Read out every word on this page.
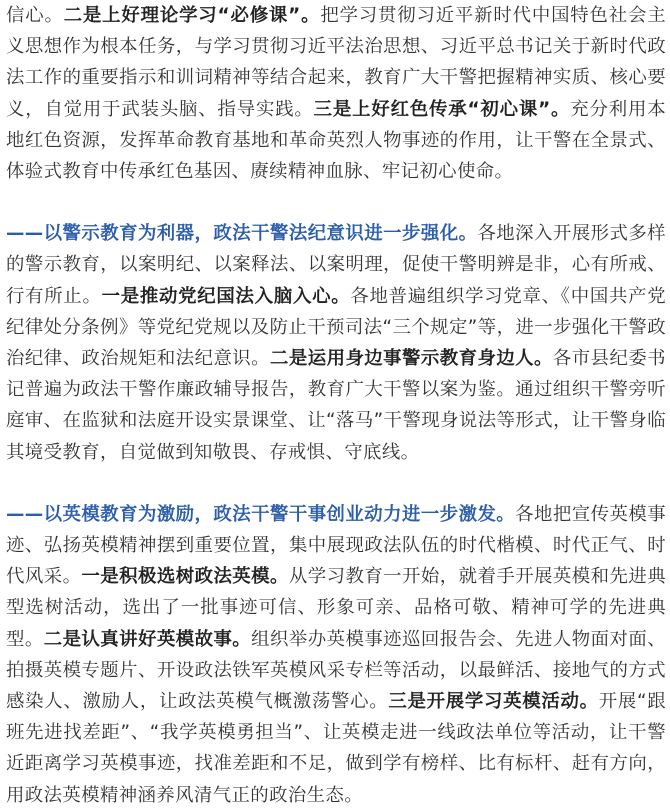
信心。二是上好理论学习“必修课”。把学习贯彻习近平新时代中国特色社会主义思想作为根本任务，与学习贯彻习近平法治思想、习近平总书记关于新时代政法工作的重要指示和训词精神等结合起来，教育广大干警把握精神实质、核心要义，自觉用于武装头脑、指导实践。三是上好红色传承“初心课”。充分利用本地红色资源，发挥革命教育基地和革命英烈人物事迹的作用，让干警在全景式、体验式教育中传承红色基因、赓续精神血脉、牢记初心使命。

——以警示教育为利器，政法干警法纪意识进一步强化。各地深入开展形式多样的警示教育，以案明纪、以案释法、以案明理，促使干警明辨是非，心有所戒、行有所止。一是推动党纪国法入脑入心。各地普遍组织学习党章、《中国共产党纪律处分条例》等党纪党规以及防止干预司法“三个规定”等，进一步强化干警政治纪律、政治规矩和法纪意识。二是运用身边事警示教育身边人。各市县纪委书记普遍为政法干警作廉政辅导报告，教育广大干警以案为鉴。通过组织干警旁听庭审、在监狱和法庭开设实景课堂、让“落马”干警现身说法等形式，让干警身临其境受教育，自觉做到知敬畏、存戒惧、守底线。

——以英模教育为激励，政法干警干事创业动力进一步激发。各地把宣传英模事迹、弘扬英模精神摆到重要位置，集中展现政法队伍的时代楷模、时代正气、时代风采。一是积极选树政法英模。从学习教育一开始，就着手开展英模和先进典型选树活动，选出了一批事迹可信、形象可亲、品格可敬、精神可学的先进典型。二是认真讲好英模故事。组织举办英模事迹巡回报告会、先进人物面对面、拍摄英模专题片、开设政法铁军英模风采专栏等活动，以最鲜活、接地气的方式感染人、激励人，让政法英模气概激荡警心。三是开展学习英模活动。开展“跟班先进找差距”、“我学英模勇担当”、让英模走进一线政法单位等活动，让干警近距离学习英模事迹，找准差距和不足，做到学有榜样、比有标杆、赶有方向，用政法英模精神涵养风清气正的政治生态。
